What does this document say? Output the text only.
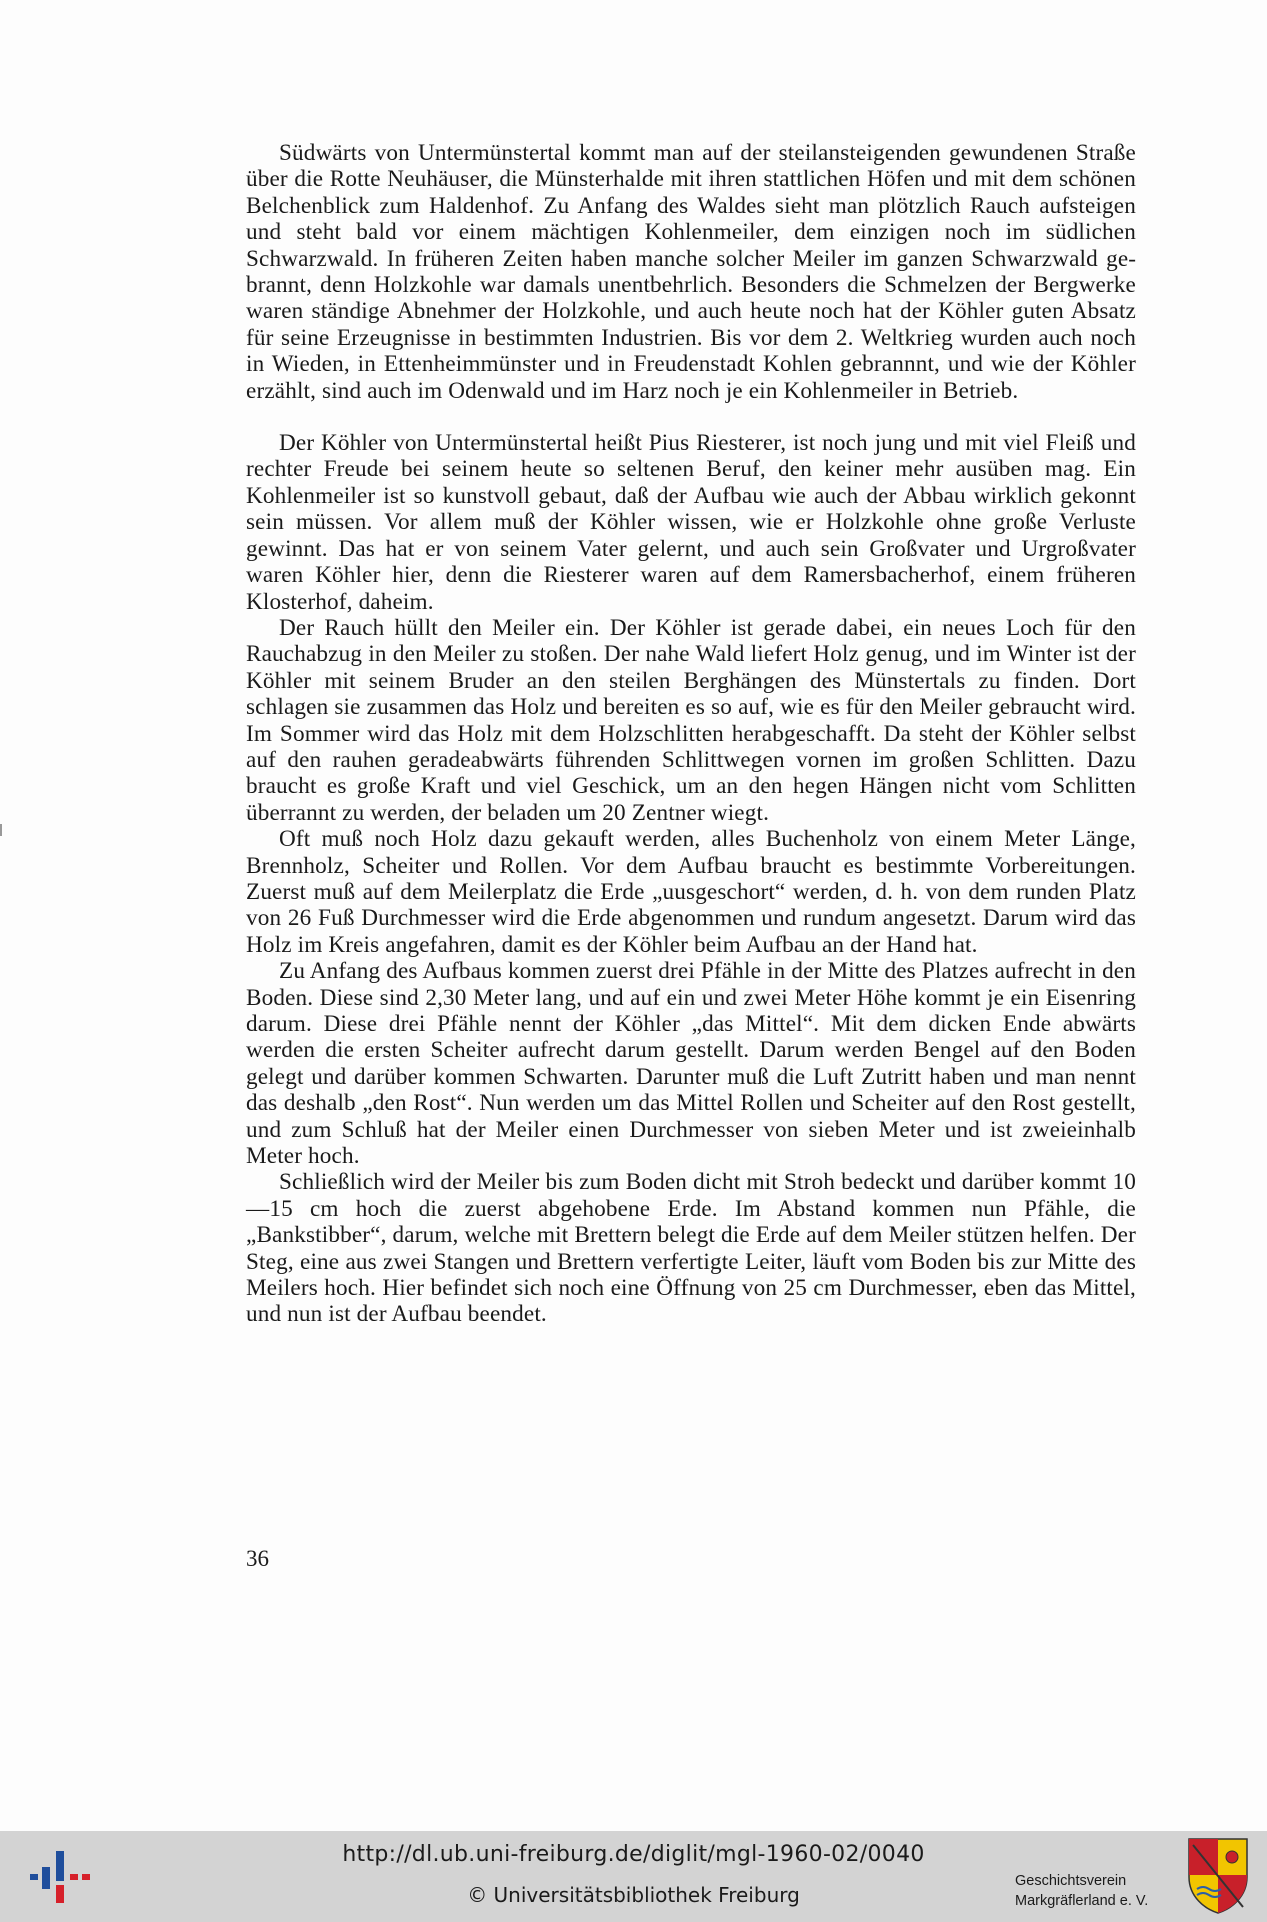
Südwärts von Untermünstertal kommt man auf der steilansteigenden gewundenen Straße über die Rotte Neuhäuser, die Münsterhalde mit ihren stattlichen Höfen und mit dem schönen Belchenblick zum Haldenhof. Zu Anfang des Waldes sieht man plötzlich Rauch aufsteigen und steht bald vor einem mächtigen Kohlenmeiler, dem einzigen noch im südlichen Schwarzwald. In früheren Zeiten haben manche solcher Meiler im ganzen Schwarzwald gebrannt, denn Holzkohle war damals unentbehrlich. Besonders die Schmelzen der Bergwerke waren ständige Abnehmer der Holzkohle, und auch heute noch hat der Köhler guten Absatz für seine Erzeugnisse in bestimmten Industrien. Bis vor dem 2. Weltkrieg wurden auch noch in Wieden, in Ettenheimmünster und in Freudenstadt Kohlen gebrannnt, und wie der Köhler erzählt, sind auch im Odenwald und im Harz noch je ein Kohlenmeiler in Betrieb.

Der Köhler von Untermünstertal heißt Pius Riesterer, ist noch jung und mit viel Fleiß und rechter Freude bei seinem heute so seltenen Beruf, den keiner mehr ausüben mag. Ein Kohlenmeiler ist so kunstvoll gebaut, daß der Aufbau wie auch der Abbau wirklich gekonnt sein müssen. Vor allem muß der Köhler wissen, wie er Holzkohle ohne große Verluste gewinnt. Das hat er von seinem Vater gelernt, und auch sein Großvater und Urgroßvater waren Köhler hier, denn die Riesterer waren auf dem Ramersbacherhof, einem früheren Klosterhof, daheim.

Der Rauch hüllt den Meiler ein. Der Köhler ist gerade dabei, ein neues Loch für den Rauchabzug in den Meiler zu stoßen. Der nahe Wald liefert Holz genug, und im Winter ist der Köhler mit seinem Bruder an den steilen Berghängen des Münstertals zu finden. Dort schlagen sie zusammen das Holz und bereiten es so auf, wie es für den Meiler gebraucht wird. Im Sommer wird das Holz mit dem Holzschlitten herabgeschafft. Da steht der Köhler selbst auf den rauhen geradeabwärts führenden Schlittwegen vornen im großen Schlitten. Dazu braucht es große Kraft und viel Geschick, um an den hegen Hängen nicht vom Schlitten überrannt zu werden, der beladen um 20 Zentner wiegt.

Oft muß noch Holz dazu gekauft werden, alles Buchenholz von einem Meter Länge, Brennholz, Scheiter und Rollen. Vor dem Aufbau braucht es bestimmte Vorbereitungen. Zuerst muß auf dem Meilerplatz die Erde „uusgeschort“ werden, d. h. von dem runden Platz von 26 Fuß Durchmesser wird die Erde abgenommen und rundum angesetzt. Darum wird das Holz im Kreis angefahren, damit es der Köhler beim Aufbau an der Hand hat.

Zu Anfang des Aufbaus kommen zuerst drei Pfähle in der Mitte des Platzes aufrecht in den Boden. Diese sind 2,30 Meter lang, und auf ein und zwei Meter Höhe kommt je ein Eisenring darum. Diese drei Pfähle nennt der Köhler „das Mittel“. Mit dem dicken Ende abwärts werden die ersten Scheiter aufrecht darum gestellt. Darum werden Bengel auf den Boden gelegt und darüber kommen Schwarten. Darunter muß die Luft Zutritt haben und man nennt das deshalb „den Rost“. Nun werden um das Mittel Rollen und Scheiter auf den Rost gestellt, und zum Schluß hat der Meiler einen Durchmesser von sieben Meter und ist zweieinhalb Meter hoch.

Schließlich wird der Meiler bis zum Boden dicht mit Stroh bedeckt und darüber kommt 10—15 cm hoch die zuerst abgehobene Erde. Im Abstand kommen nun Pfähle, die „Bankstibber“, darum, welche mit Brettern belegt die Erde auf dem Meiler stützen helfen. Der Steg, eine aus zwei Stangen und Brettern verfertigte Leiter, läuft vom Boden bis zur Mitte des Meilers hoch. Hier befindet sich noch eine Öffnung von 25 cm Durchmesser, eben das Mittel, und nun ist der Aufbau beendet.

36
http://dl.ub.uni-freiburg.de/diglit/mgl-1960-02/0040
© Universitätsbibliothek Freiburg
Geschichtsverein
Markgräflerland e. V.
